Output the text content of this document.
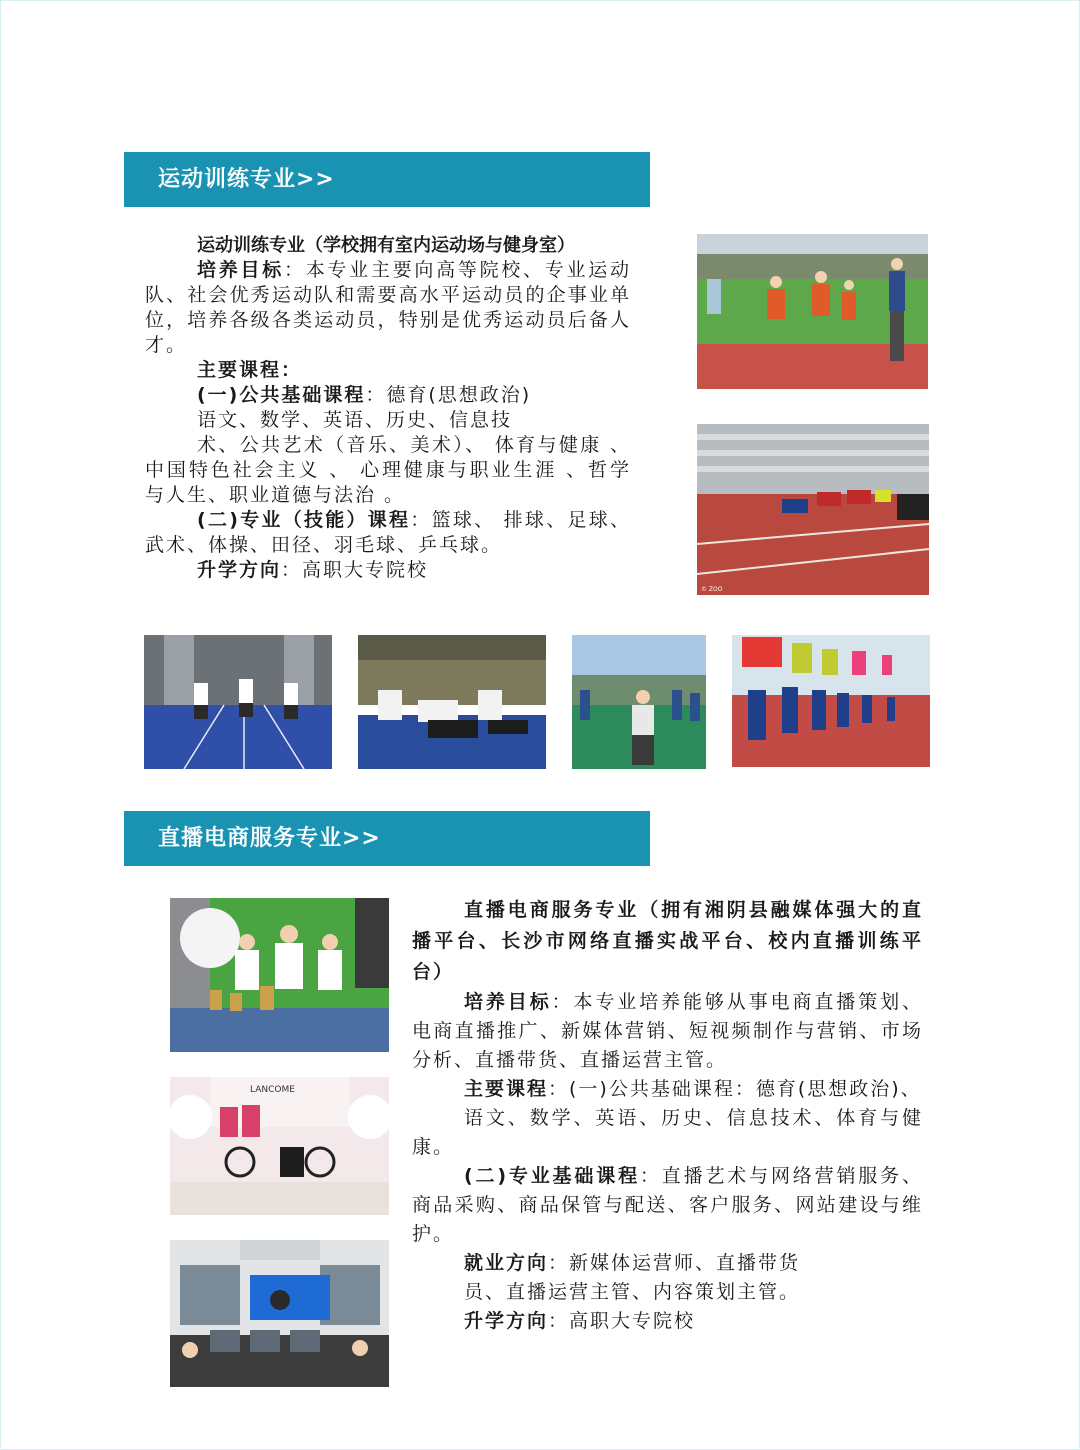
运动训练专业>>

运动训练专业（学校拥有室内运动场与健身室）

培养目标：本专业主要向高等院校、专业运动队、社会优秀运动队和需要高水平运动员的企事业单位，培养各级各类运动员，特别是优秀运动员后备人才。

主要课程：

(一)公共基础课程：德育(思想政治)

语文、数学、英语、历史、信息技

术、公共艺术（音乐、美术）、 体育与健康 、中国特色社会主义 、 心理健康与职业生涯 、哲学与人生、职业道德与法治 。

(二)专业（技能）课程：篮球、 排球、足球、武术、体操、田径、羽毛球、乒乓球。

升学方向：高职大专院校

© ZOO
直播电商服务专业>>
LANCOME

直播电商服务专业（拥有湘阴县融媒体强大的直播平台、长沙市网络直播实战平台、校内直播训练平台）

培养目标：本专业培养能够从事电商直播策划、电商直播推广、新媒体营销、短视频制作与营销、市场分析、直播带货、直播运营主管。

主要课程：(一)公共基础课程：德育(思想政治)、

语文、数学、英语、历史、信息技术、体育与健康。

(二)专业基础课程：直播艺术与网络营销服务、 商品采购、商品保管与配送、客户服务、网站建设与维护。

就业方向：新媒体运营师、直播带货

员、直播运营主管、内容策划主管。

升学方向：高职大专院校
